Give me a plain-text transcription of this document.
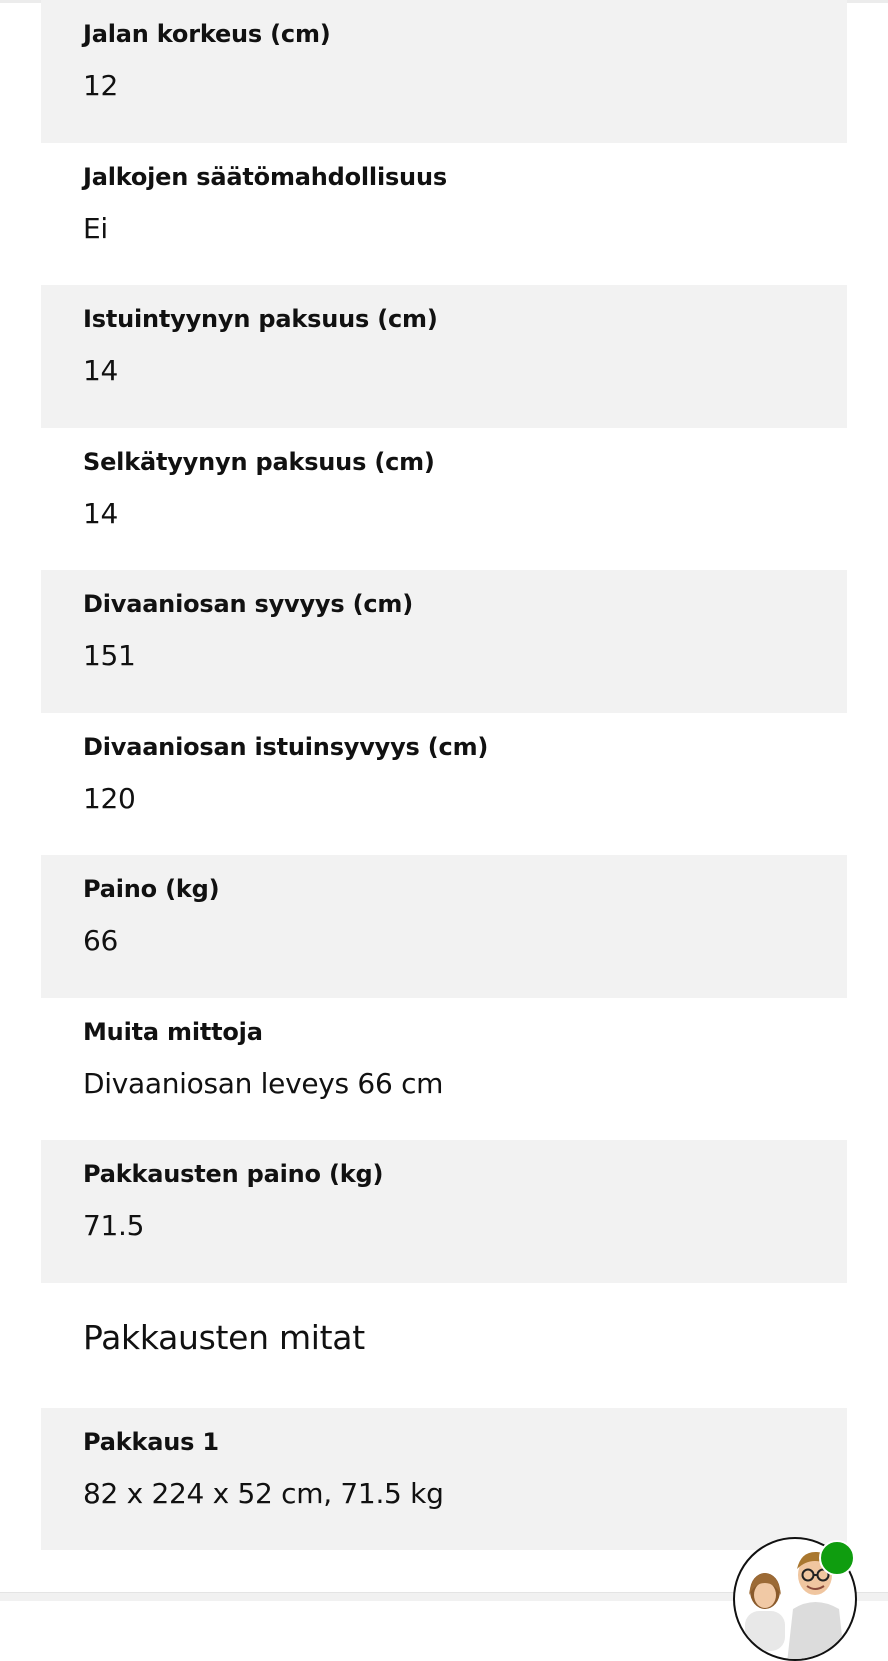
Jalan korkeus (cm)
12
Jalkojen säätömahdollisuus
Ei
Istuintyynyn paksuus (cm)
14
Selkätyynyn paksuus (cm)
14
Divaaniosan syvyys (cm)
151
Divaaniosan istuinsyvyys (cm)
120
Paino (kg)
66
Muita mittoja
Divaaniosan leveys 66 cm
Pakkausten paino (kg)
71.5
Pakkausten mitat
Pakkaus 1
82 x 224 x 52 cm, 71.5 kg
